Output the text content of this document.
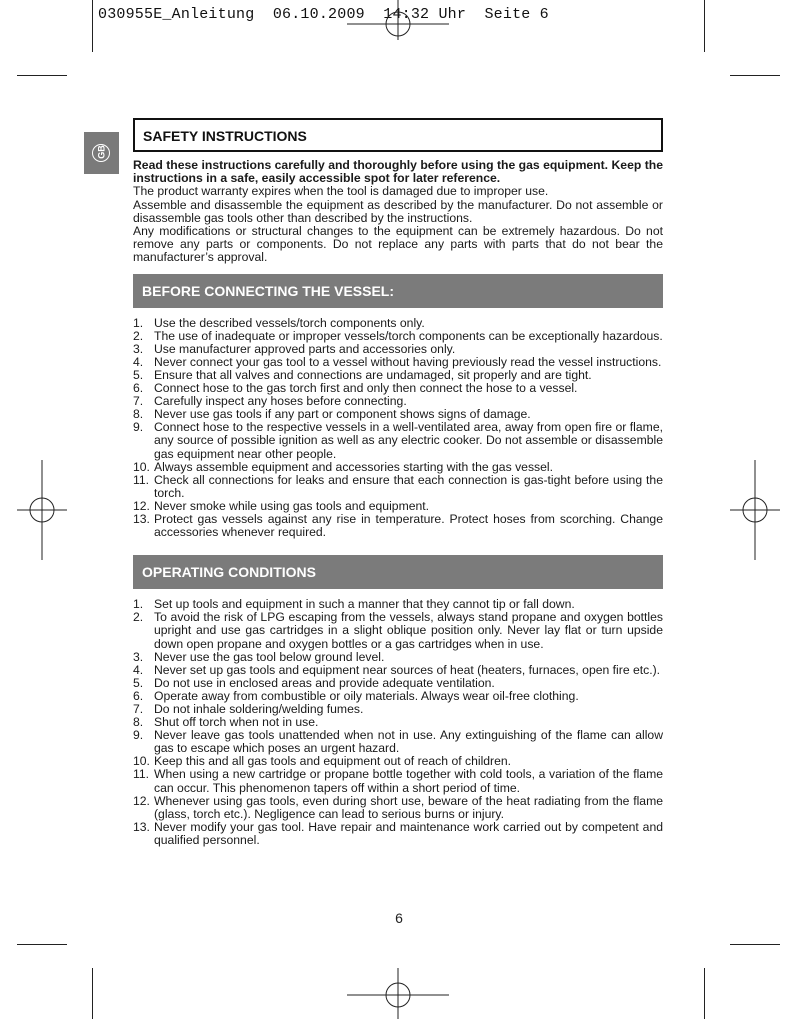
030955E_Anleitung  06.10.2009  14:32 Uhr  Seite 6
GB
SAFETY INSTRUCTIONS

Read these instructions carefully and thoroughly before using the gas equipment. Keep the instructions in a safe, easily accessible spot for later reference.

The product warranty expires when the tool is damaged due to improper use.

Assemble and disassemble the equipment as described by the manufacturer. Do not assemble or disassemble gas tools other than described by the instructions.

Any modifications or structural changes to the equipment can be extremely hazardous. Do not remove any parts or components. Do not replace any parts with parts that do not bear the manufacturer’s approval.

BEFORE CONNECTING THE VESSEL:
1. Use the described vessels/torch components only.
2. The use of inadequate or improper vessels/torch components can be exceptionally hazardous.
3. Use manufacturer approved parts and accessories only.
4. Never connect your gas tool to a vessel without having previously read the vessel instructions.
5. Ensure that all valves and connections are undamaged, sit properly and are tight.
6. Connect hose to the gas torch first and only then connect the hose to a vessel.
7. Carefully inspect any hoses before connecting.
8. Never use gas tools if any part or component shows signs of damage.
9. Connect hose to the respective vessels in a well-ventilated area, away from open fire or flame, any source of possible ignition as well as any electric cooker. Do not assemble or disassemble gas equipment near other people.
10. Always assemble equipment and accessories starting with the gas vessel.
11. Check all connections for leaks and ensure that each connection is gas-tight before using the torch.
12. Never smoke while using gas tools and equipment.
13. Protect gas vessels against any rise in temperature. Protect hoses from scorching. Change accessories whenever required.
OPERATING CONDITIONS
1. Set up tools and equipment in such a manner that they cannot tip or fall down.
2. To avoid the risk of LPG escaping from the vessels, always stand propane and oxygen bottles upright and use gas cartridges in a slight oblique position only. Never lay flat or turn upside down open propane and oxygen bottles or a gas cartridges when in use.
3. Never use the gas tool below ground level.
4. Never set up gas tools and equipment near sources of heat (heaters, furnaces, open fire etc.).
5. Do not use in enclosed areas and provide adequate ventilation.
6. Operate away from combustible or oily materials. Always wear oil-free clothing.
7. Do not inhale soldering/welding fumes.
8. Shut off torch when not in use.
9. Never leave gas tools unattended when not in use. Any extinguishing of the flame can allow gas to escape which poses an urgent hazard.
10. Keep this and all gas tools and equipment out of reach of children.
11. When using a new cartridge or propane bottle together with cold tools, a variation of the flame can occur. This phenomenon tapers off within a short period of time.
12. Whenever using gas tools, even during short use, beware of the heat radiating from the flame (glass, torch etc.). Negligence can lead to serious burns or injury.
13. Never modify your gas tool. Have repair and maintenance work carried out by competent and qualified personnel.
6
